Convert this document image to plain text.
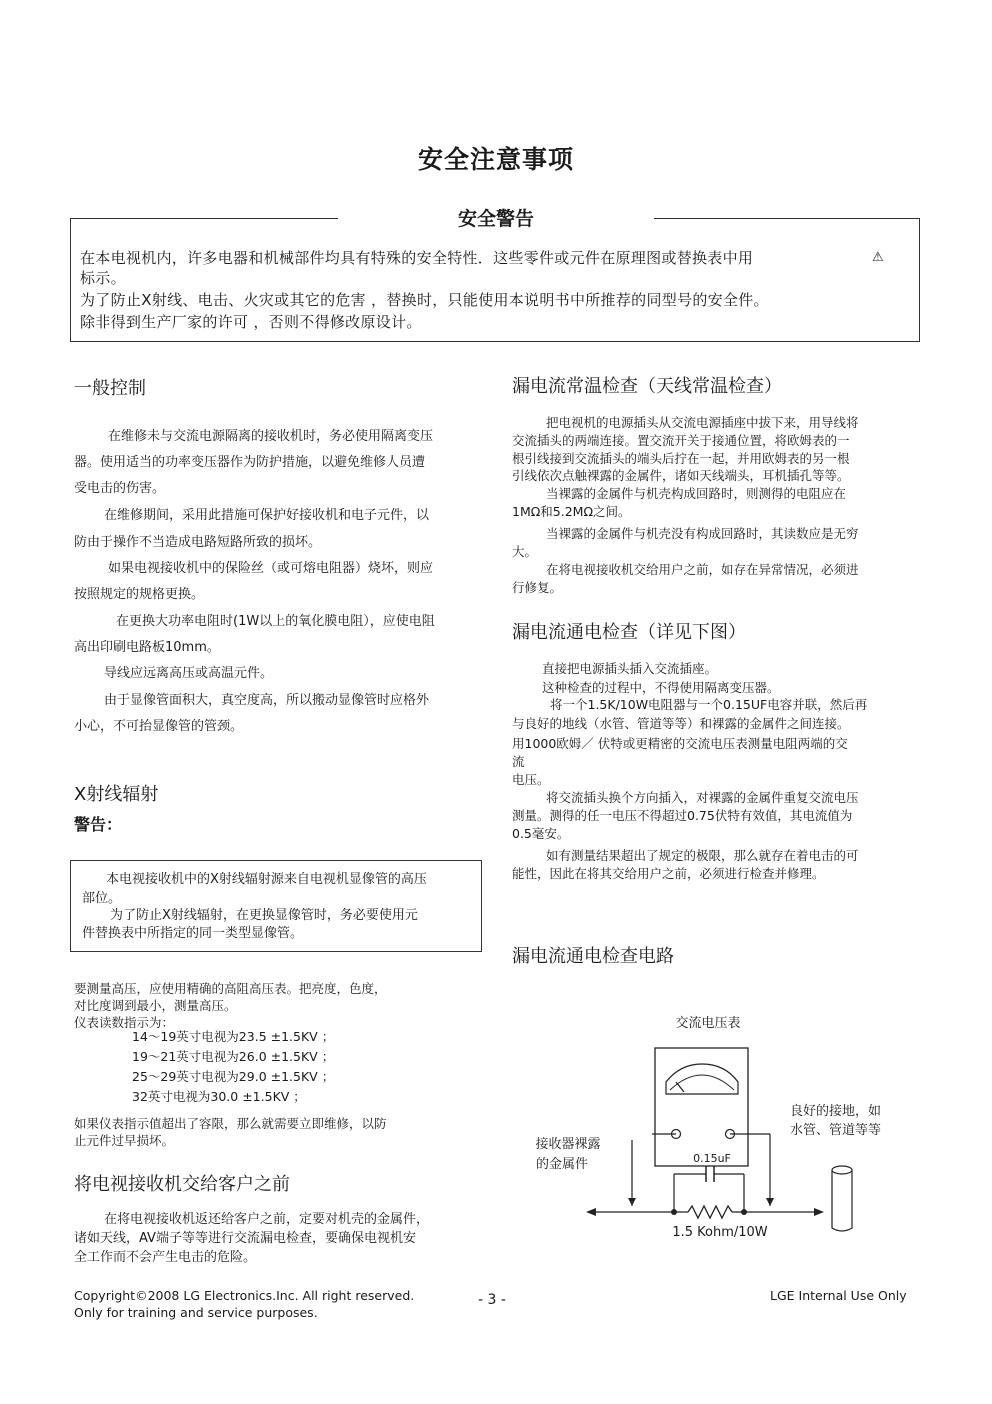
安全注意事项
安全警告
在本电视机内，许多电器和机械部件均具有特殊的安全特性．这些零件或元件在原理图或替换表中用	⚠
标示。
为了防止X射线、电击、火灾或其它的危害 ，替换时，只能使用本说明书中所推荐的同型号的安全件。
除非得到生产厂家的许可 ，否则不得修改原设计。
一般控制
在维修未与交流电源隔离的接收机时，务必使用隔离变压
器。使用适当的功率变压器作为防护措施，以避免维修人员遭
受电击的伤害。
在维修期间，采用此措施可保护好接收机和电子元件，以
防由于操作不当造成电路短路所致的损坏。
如果电视接收机中的保险丝（或可熔电阻器）烧坏，则应
按照规定的规格更换。
在更换大功率电阻时(1W以上的氧化膜电阻），应使电阻
高出印刷电路板10mm。
导线应远离高压或高温元件。
由于显像管面积大，真空度高，所以搬动显像管时应格外
小心，不可抬显像管的管颈。
X射线辐射
警告：
本电视接收机中的X射线辐射源来自电视机显像管的高压
部位。
为了防止X射线辐射，在更换显像管时，务必要使用元
件替换表中所指定的同一类型显像管。
要测量高压，应使用精确的高阻高压表。把亮度，色度，
对比度调到最小，测量高压。
仪表读数指示为：
14～19英寸电视为23.5 ±1.5KV ；
19～21英寸电视为26.0 ±1.5KV ；
25～29英寸电视为29.0 ±1.5KV ；
32英寸电视为30.0 ±1.5KV ；
如果仪表指示值超出了容限，那么就需要立即维修，以防
止元件过早损坏。
将电视接收机交给客户之前
在将电视接收机返还给客户之前，定要对机壳的金属件，
诸如天线，AV端子等等进行交流漏电检查，要确保电视机安
全工作而不会产生电击的危险。
漏电流常温检查（天线常温检查）
把电视机的电源插头从交流电源插座中拔下来，用导线将
交流插头的两端连接。置交流开关于接通位置，将欧姆表的一
根引线接到交流插头的端头后拧在一起，并用欧姆表的另一根
引线依次点触裸露的金属件，诸如天线端头，耳机插孔等等。
当裸露的金属件与机壳构成回路时，则测得的电阻应在
1MΩ和5.2MΩ之间。
当裸露的金属件与机壳没有构成回路时，其读数应是无穷
大。
在将电视接收机交给用户之前，如存在异常情况，必须进
行修复。
漏电流通电检查（详见下图）
直接把电源插头插入交流插座。
这种检查的过程中，不得使用隔离变压器。
将一个1.5K/10W电阻器与一个0.15UF电容并联，然后再
与良好的地线（水管、管道等等）和裸露的金属件之间连接。
用1000欧姆／ 伏特或更精密的交流电压表测量电阻两端的交
流
电压。
将交流插头换个方向插入，对裸露的金属件重复交流电压
测量。测得的任一电压不得超过0.75伏特有效值，其电流值为
0.5毫安。
如有测量结果超出了规定的极限，那么就存在着电击的可
能性，因此在将其交给用户之前，必须进行检查并修理。
漏电流通电检查电路
交流电压表
接收器裸露
的金属件
良好的接地，如
水管、管道等等
0.15uF
1.5 Kohm/10W
Copyright©2008 LG Electronics.Inc. All right reserved.
Only for training and service purposes.
- 3 -	LGE Internal Use Only
